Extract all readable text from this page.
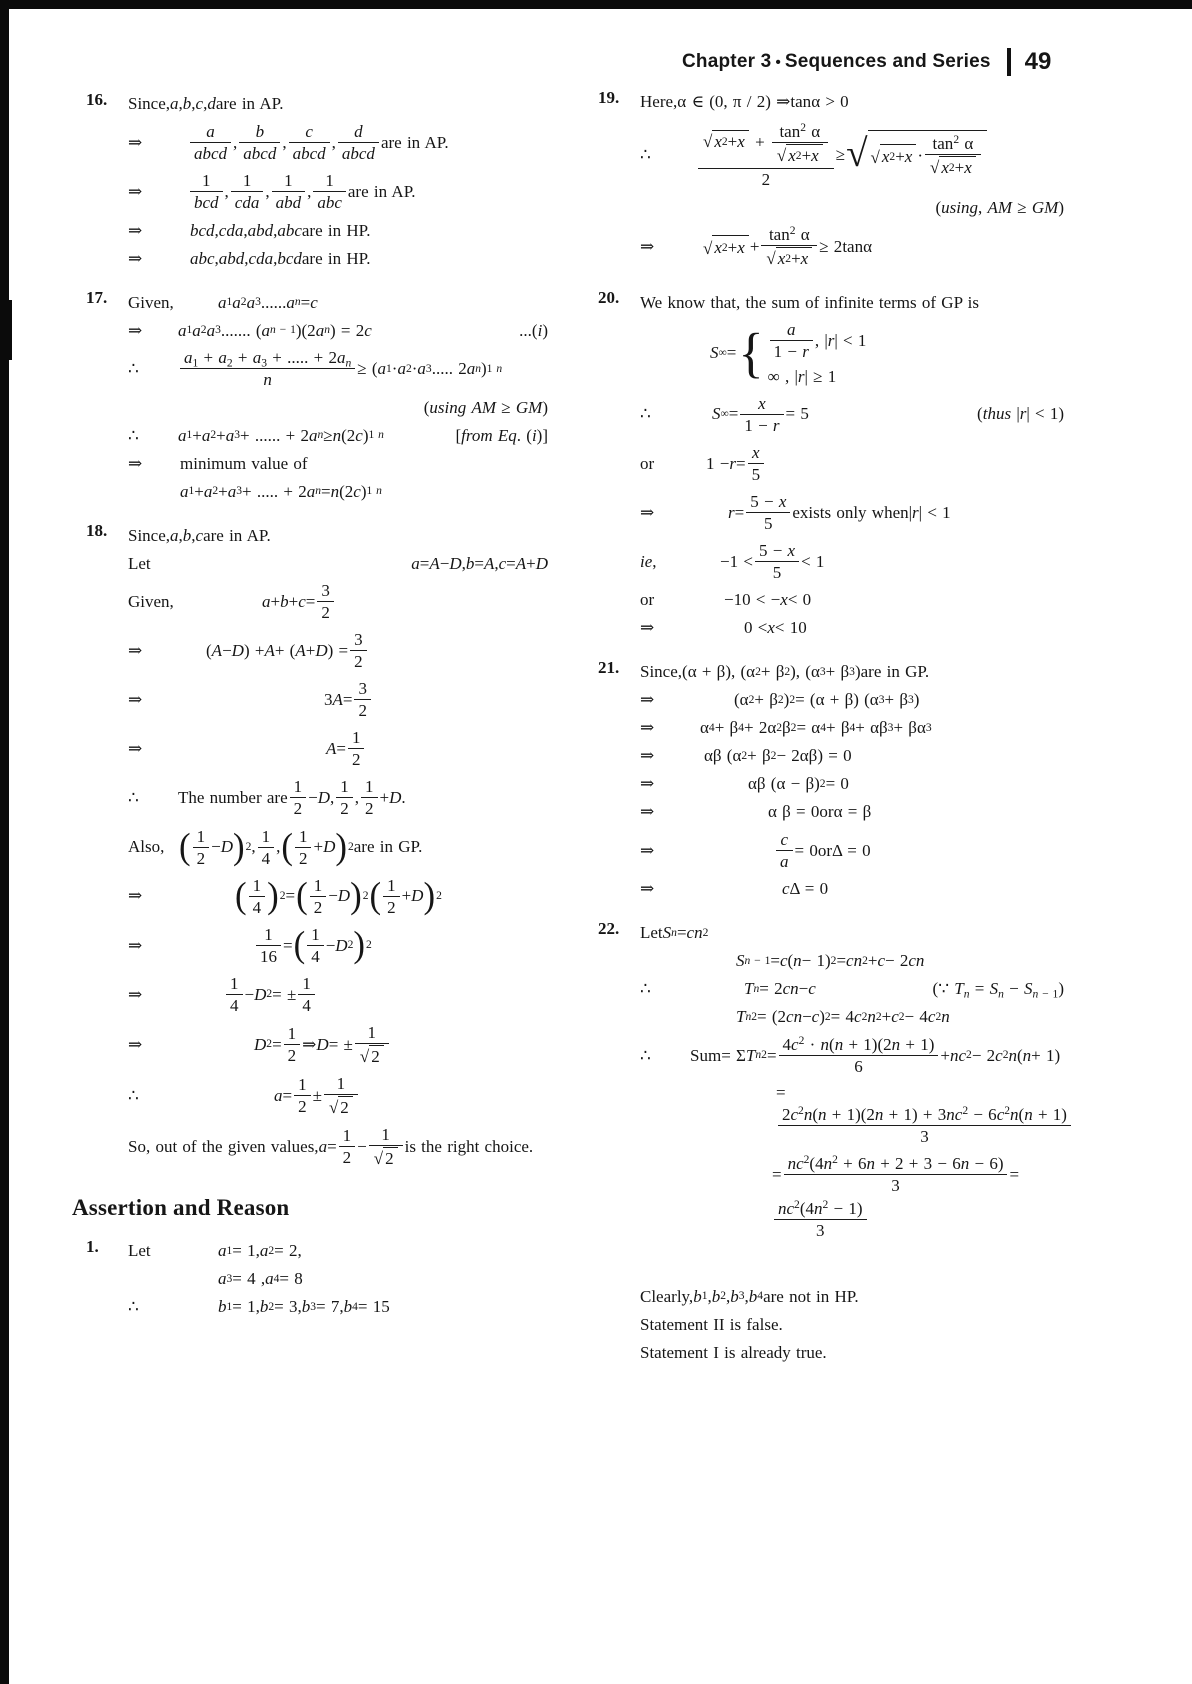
Chapter 3 • Sequences and Series 49
16.	Since, a , b , c , d are in AP.
⇒
a
abcd
,
b
abcd
,
c
abcd
,
d
abcd
are in AP.
⇒
1
bcd
,
1
cda
,
1
abd
,
1
abc
are in AP.
⇒	bcd , cda , abd , abc are in HP.
⇒	abc , abd , cda , bcd are in HP.
17.	Given,	a 1 a 2 a 3 ...... a n = c
⇒	a 1 a 2 a 3 ....... ( a n − 1 )(2 a n ) = 2 c	...(i)
∴
$a_1 + a_2 + a_3$ + ..... + $2a_n$
n
≥ ( a 1 · a 2 · a 3 ..... 2 a n ) 1 n
(using AM ≥ GM)
∴	a 1 + a 2 + a 3 + ...... + 2 a n ≥ n (2 c ) 1 n	[from Eq. (i)]
⇒	minimum value of
a 1 + a 2 + a 3 + ..... + 2 a n = n (2 c ) 1 n
18.	Since, a , b , c are in AP.
Let	a = A − D , b = A , c = A + D
Given,	a + b + c =
3
2
⇒	( A − D ) + A + ( A + D ) =
3
2
⇒	3 A =
3
2
⇒	A =
1
2
∴	The number are
1
2
− D ,
1
2
,
1
2
+ D .
Also, ( 1
2
− D ) 2 ,
1
4
, ( 1
2
+ D ) 2 are in GP.
⇒	( 1
4 ) 2 = ( 1
2
− D ) 2 ( 1
2
+ D ) 2
⇒
1
16
= ( 1
4
− D 2 ) 2
⇒
1
4
− D 2 = ±
1
4
⇒	D 2 =
1
2
⇒ D = ±
1
√ 2
∴	a =
1
2
±
1
√ 2
So, out of the given values, a =
1
2
−
1
√ 2
is the right choice.
Assertion and Reason
1.	Let	a 1 = 1, a 2 = 2,
a 3 = 4 , a 4 = 8
∴	b 1 = 1, b 2 = 3, b 3 = 7, b 4 = 15
19.	Here, α ∈ (0, π / 2) ⇒ tan α > 0
∴
√ x $2 + x + \frac{\tan^2 \alpha}{√ x 2 + x}$
2
≥ √ √ x 2 + x ·
$\tan^2 \alpha$
√ x 2 + x
(using, AM ≥ GM)
⇒	√ x 2 + x +
$\tan^2 \alpha$
√ x 2 + x
≥ 2 tan α
20.	We know that, the sum of infinite terms of GP is
S ∞ = {	a
1 − r
, | r | < 1
∞ , | r | ≥ 1
∴	S ∞ =
x
1 − r
= 5	(thus |r| < 1)
or	1 − r =
x
5
⇒	r =
5 − x
5
exists only when | r | < 1
ie,	−1 <
5 − x
5
< 1
or	−10 < − x < 0
⇒	0 < x < 10
21.	Since, (α + β), (α 2 + β 2 ), (α 3 + β 3 ) are in GP.
⇒	(α 2 + β 2 ) 2 = (α + β) (α 3 + β 3 )
⇒	α 4 + β 4 + 2α 2 β 2 = α 4 + β 4 + αβ 3 + βα 3
⇒	αβ (α 2 + β 2 − 2αβ) = 0
⇒	αβ (α − β) 2 = 0
⇒	α β = 0 or α = β
⇒
c
a
= 0 or Δ = 0
⇒	c Δ = 0
22.	Let S n = cn 2
S n − 1 = c ( n − 1) 2 = cn 2 + c − 2 cn
∴	T n = 2 cn − c	(∵ $T_n = S_n - S_{n - 1}$)
T n 2 = (2 cn − c ) 2 = 4 c 2 n 2 + c 2 − 4 c 2 n
∴	Sum = Σ T n 2 =
$4c^2 \cdot n(n + 1)(2n + 1)$
6
+ nc 2 − 2 c 2 n ( n + 1)
=
$2c^2n(n + 1)(2n + 1) + 3nc^2 - 6c^2n(n + 1)$
3
=
$nc^2(4n^2 + 6n + 2 + 3 - 6n - 6)$
3
=
$nc^2(4n^2 - 1)$
3
Clearly, b 1 , b 2 , b 3 , b 4 are not in HP.
Statement II is false.
Statement I is already true.
